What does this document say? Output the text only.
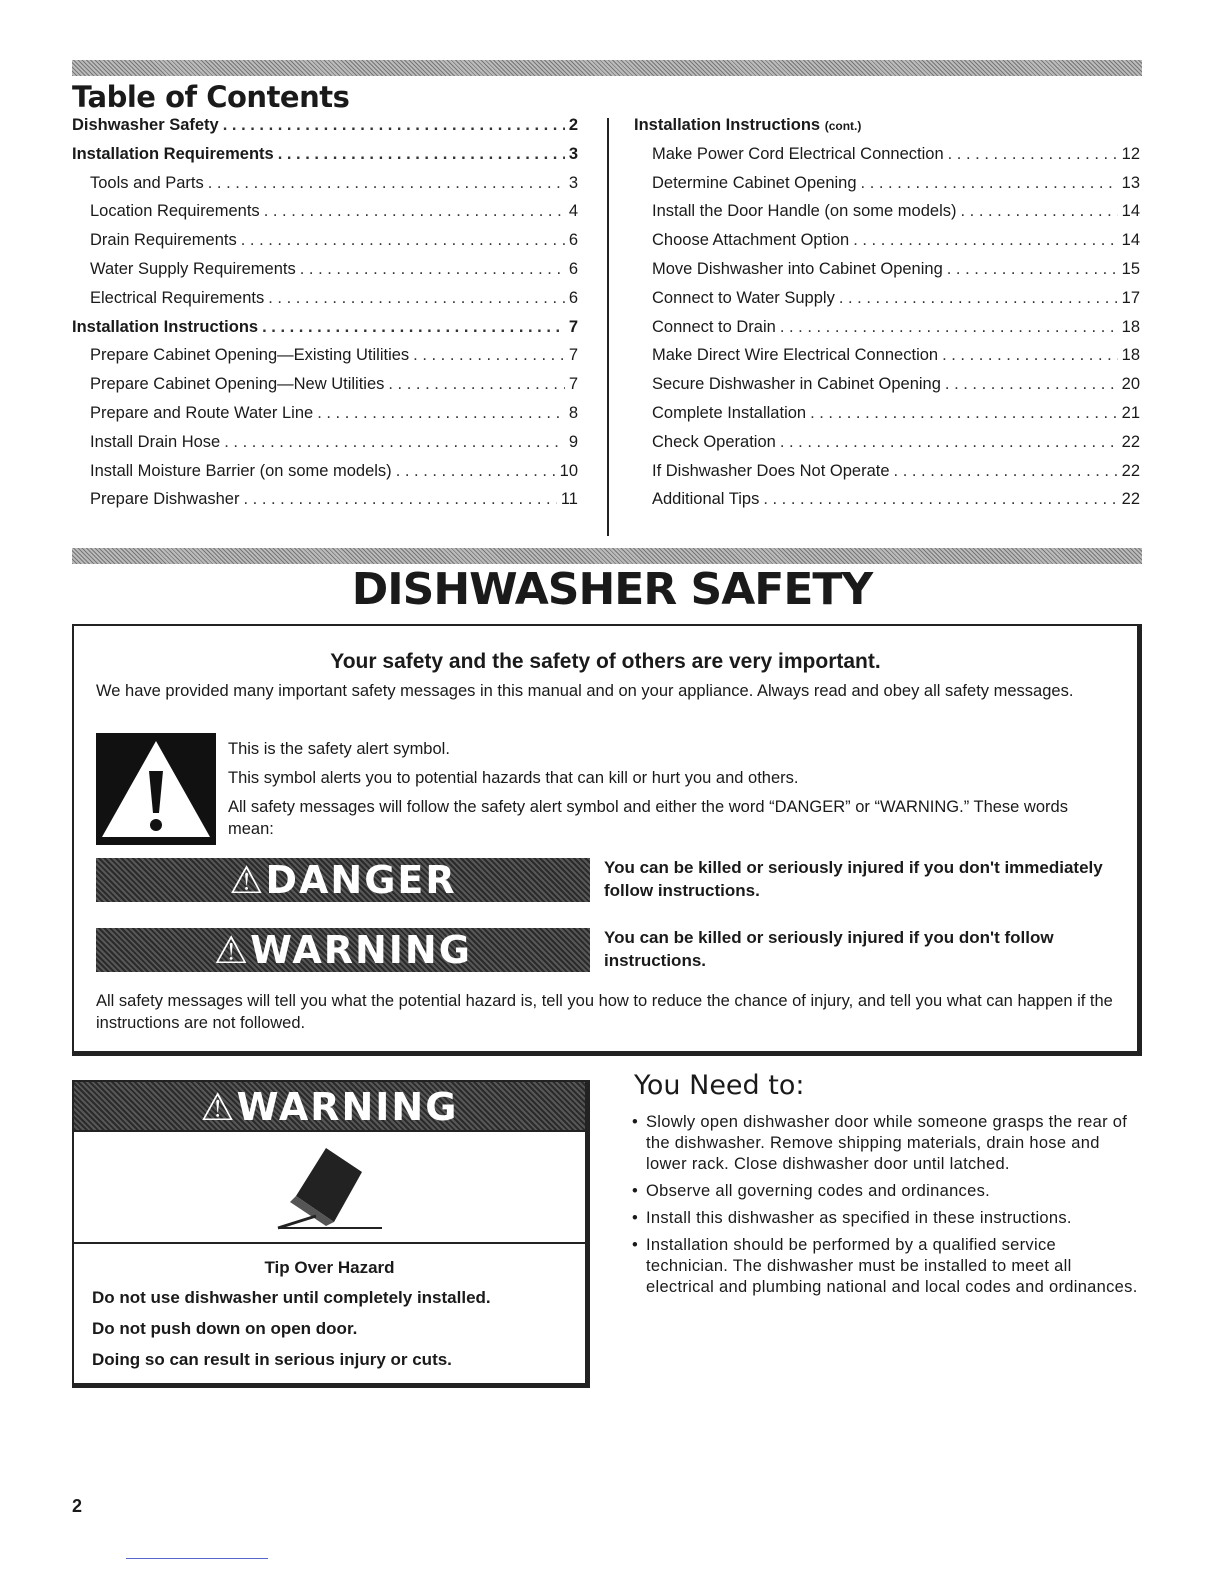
Table of Contents
Dishwasher Safety . . .	2
Installation Requirements . . .	3
Tools and Parts . . .	3
Location Requirements . . .	4
Drain Requirements . . .	6
Water Supply Requirements . . .	6
Electrical Requirements . . .	6
Installation Instructions . . .	7
Prepare Cabinet Opening—Existing Utilities . . .	7
Prepare Cabinet Opening—New Utilities . . .	7
Prepare and Route Water Line . . .	8
Install Drain Hose . . .	9
Install Moisture Barrier (on some models) . . .	10
Prepare Dishwasher . . .	11
Installation Instructions
(cont.)
Make Power Cord Electrical Connection . . .	12
Determine Cabinet Opening . . .	13
Install the Door Handle (on some models) . . .	14
Choose Attachment Option . . .	14
Move Dishwasher into Cabinet Opening . . .	15
Connect to Water Supply . . .	17
Connect to Drain . . .	18
Make Direct Wire Electrical Connection . . .	18
Secure Dishwasher in Cabinet Opening . . .	20
Complete Installation . . .	21
Check Operation . . .	22
If Dishwasher Does Not Operate . . .	22
Additional Tips . . .	22
DISHWASHER SAFETY

Your safety and the safety of others are very important.

We have provided many important safety messages in this manual and on your appliance. Always read and obey all safety messages.

This is the safety alert symbol.

This symbol alerts you to potential hazards that can kill or hurt you and others.

All safety messages will follow the safety alert symbol and either the word “DANGER” or “WARNING.” These words mean:

⚠DANGER	You can be killed or seriously injured if you don't immediately follow instructions.

⚠WARNING	You can be killed or seriously injured if you don't follow instructions.

All safety messages will tell you what the potential hazard is, tell you how to reduce the chance of injury, and tell you what can happen if the instructions are not followed.

⚠WARNING

Tip Over Hazard

Do not use dishwasher until completely installed.

Do not push down on open door.

Doing so can result in serious injury or cuts.

You Need to:
• Slowly open dishwasher door while someone grasps the rear of the dishwasher. Remove shipping materials, drain hose and lower rack. Close dishwasher door until latched.
• Observe all governing codes and ordinances.
• Install this dishwasher as specified in these instructions.
• Installation should be performed by a qualified service technician. The dishwasher must be installed to meet all electrical and plumbing national and local codes and ordinances.

2
